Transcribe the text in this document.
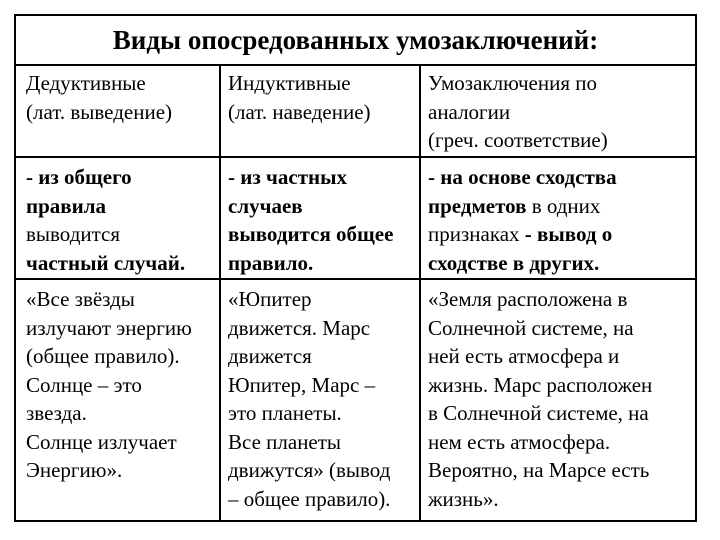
Виды опосредованных умозаключений:
Дедуктивные
(лат. выведение)
- из общего
правила
выводится
частный случай.
«Все звёзды
излучают энергию
(общее правило).
Солнце – это
звезда.
Солнце излучает
Энергию».
Индуктивные
(лат. наведение)
- из частных
случаев
выводится общее
правило.
«Юпитер
движется. Марс
движется
Юпитер, Марс –
это планеты.
Все планеты
движутся» (вывод
– общее правило).
Умозаключения по
аналогии
(греч. соответствие)
- на основе сходства
предметов в одних
признаках - вывод о
сходстве в других.
«Земля расположена в
Солнечной системе, на
ней есть атмосфера и
жизнь. Марс расположен
в Солнечной системе, на
нем есть атмосфера.
Вероятно, на Марсе есть
жизнь».
